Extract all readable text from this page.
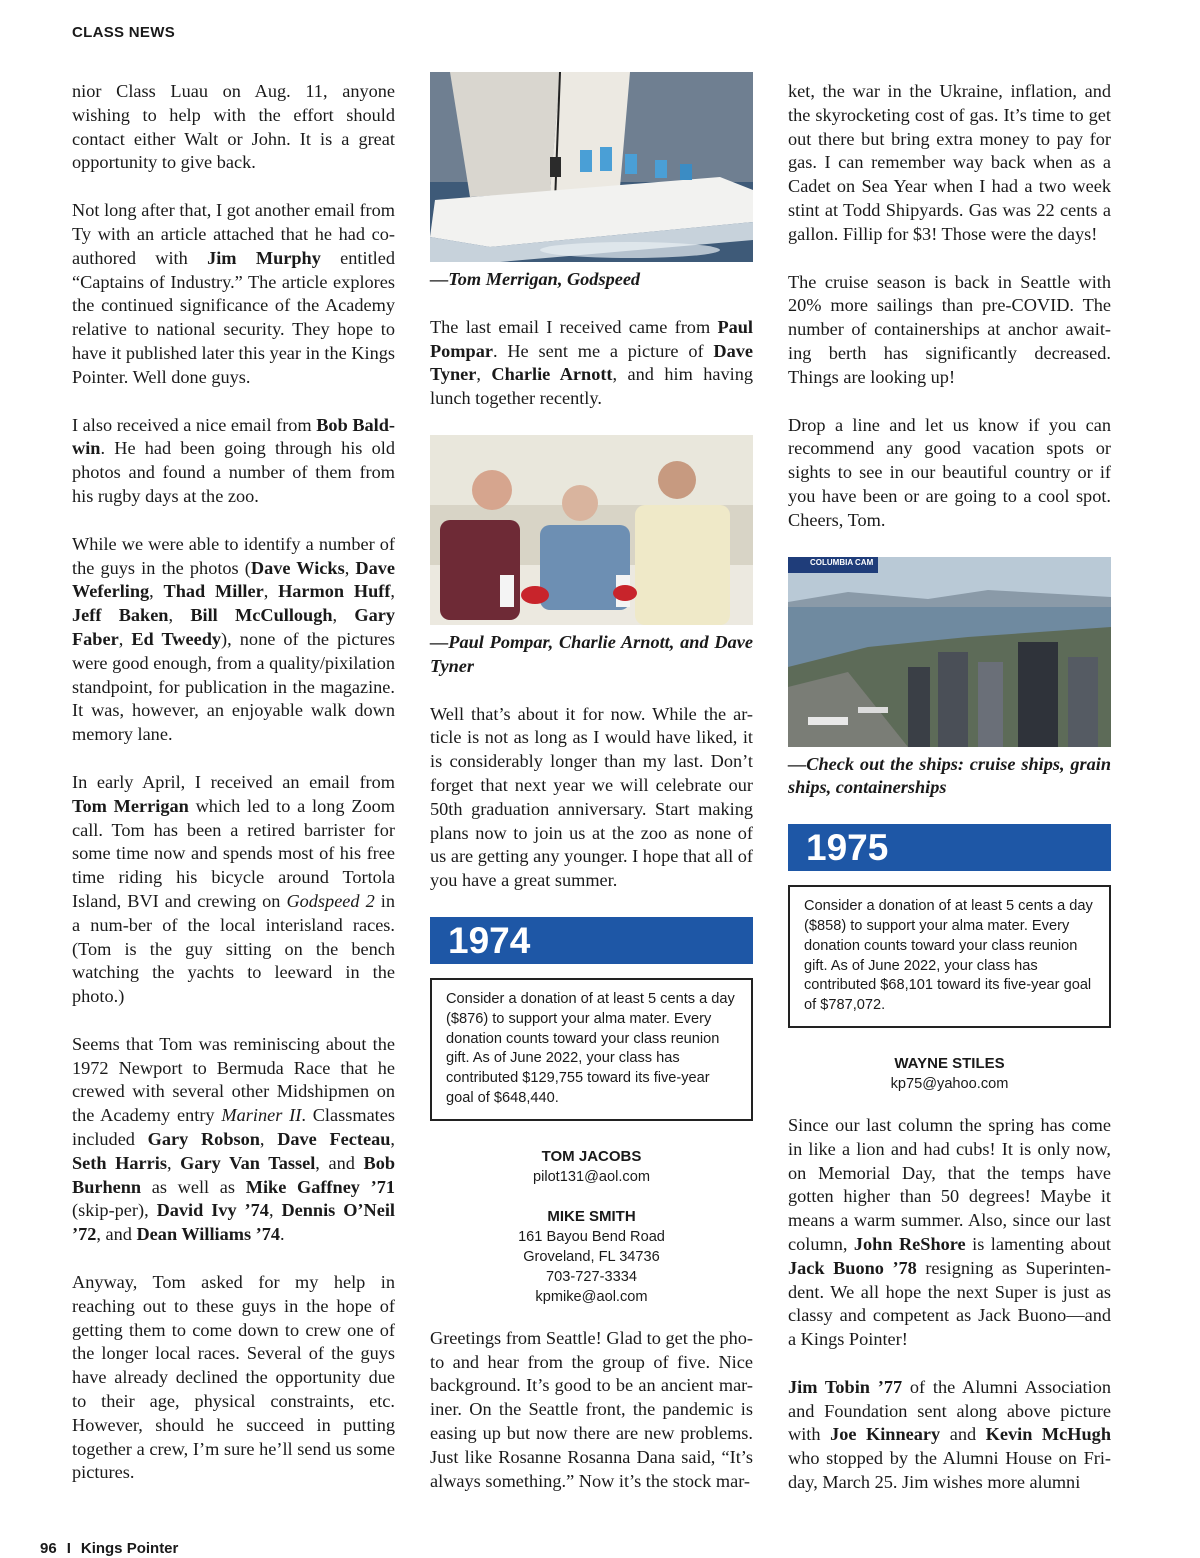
CLASS NEWS

nior Class Luau on Aug. 11, anyone wishing to help with the effort should contact either Walt or John. It is a great opportunity to give back.

Not long after that, I got another email from Ty with an article attached that he had co-authored with Jim Murphy entitled “Captains of Industry.” The article explores the continued significance of the Academy relative to national security. They hope to have it published later this year in the Kings Pointer. Well done guys.

I also received a nice email from Bob Bald-win. He had been going through his old photos and found a number of them from his rugby days at the zoo.

While we were able to identify a number of the guys in the photos (Dave Wicks, Dave Weferling, Thad Miller, Harmon Huff, Jeff Baken, Bill McCullough, Gary Faber, Ed Tweedy), none of the pictures were good enough, from a quality/pixilation standpoint, for publication in the magazine. It was, however, an enjoyable walk down memory lane.

In early April, I received an email from Tom Merrigan which led to a long Zoom call. Tom has been a retired barrister for some time now and spends most of his free time riding his bicycle around Tortola Island, BVI and crewing on Godspeed 2 in a num-ber of the local interisland races. (Tom is the guy sitting on the bench watching the yachts to leeward in the photo.)

Seems that Tom was reminiscing about the 1972 Newport to Bermuda Race that he crewed with several other Midshipmen on the Academy entry Mariner II. Classmates included Gary Robson, Dave Fecteau, Seth Harris, Gary Van Tassel, and Bob Burhenn as well as Mike Gaffney ’71 (skip-per), David Ivy ’74, Dennis O’Neil ’72, and Dean Williams ’74.

Anyway, Tom asked for my help in reaching out to these guys in the hope of getting them to come down to crew one of the longer local races. Several of the guys have already declined the opportunity due to their age, physical constraints, etc. However, should he succeed in putting together a crew, I’m sure he’ll send us some pictures.

—Tom Merrigan, Godspeed

The last email I received came from Paul Pompar. He sent me a picture of Dave Tyner, Charlie Arnott, and him having lunch together recently.

—Paul Pompar, Charlie Arnott, and Dave Tyner

Well that’s about it for now. While the ar-ticle is not as long as I would have liked, it is considerably longer than my last. Don’t forget that next year we will celebrate our 50th graduation anniversary. Start making plans now to join us at the zoo as none of us are getting any younger. I hope that all of you have a great summer.

1974
Consider a donation of at least 5 cents a day ($876) to support your alma mater. Every donation counts toward your class reunion gift. As of June 2022, your class has contributed $129,755 toward its five-year goal of $648,440.
TOM JACOBS
pilot131@aol.com
MIKE SMITH
161 Bayou Bend Road
Groveland, FL 34736
703-727-3334
kpmike@aol.com

Greetings from Seattle! Glad to get the pho-to and hear from the group of five. Nice background. It’s good to be an ancient mar-iner. On the Seattle front, the pandemic is easing up but now there are new problems. Just like Rosanne Rosanna Dana said, “It’s always something.” Now it’s the stock mar-

ket, the war in the Ukraine, inflation, and the skyrocketing cost of gas. It’s time to get out there but bring extra money to pay for gas. I can remember way back when as a Cadet on Sea Year when I had a two week stint at Todd Shipyards. Gas was 22 cents a gallon. Fillip for $3! Those were the days!

The cruise season is back in Seattle with 20% more sailings than pre-COVID. The number of containerships at anchor await-ing berth has significantly decreased. Things are looking up!

Drop a line and let us know if you can recommend any good vacation spots or sights to see in our beautiful country or if you have been or are going to a cool spot. Cheers, Tom.

COLUMBIA CAM

—Check out the ships: cruise ships, grain ships, containerships

1975
Consider a donation of at least 5 cents a day ($858) to support your alma mater. Every donation counts toward your class reunion gift. As of June 2022, your class has contributed $68,101 toward its five-year goal of $787,072.
WAYNE STILES
kp75@yahoo.com

Since our last column the spring has come in like a lion and had cubs! It is only now, on Memorial Day, that the temps have gotten higher than 50 degrees! Maybe it means a warm summer. Also, since our last column, John ReShore is lamenting about Jack Buono ’78 resigning as Superinten-dent. We all hope the next Super is just as classy and competent as Jack Buono—and a Kings Pointer!

Jim Tobin ’77 of the Alumni Association and Foundation sent along above picture with Joe Kinneary and Kevin McHugh who stopped by the Alumni House on Fri-day, March 25. Jim wishes more alumni

96 I Kings Pointer
